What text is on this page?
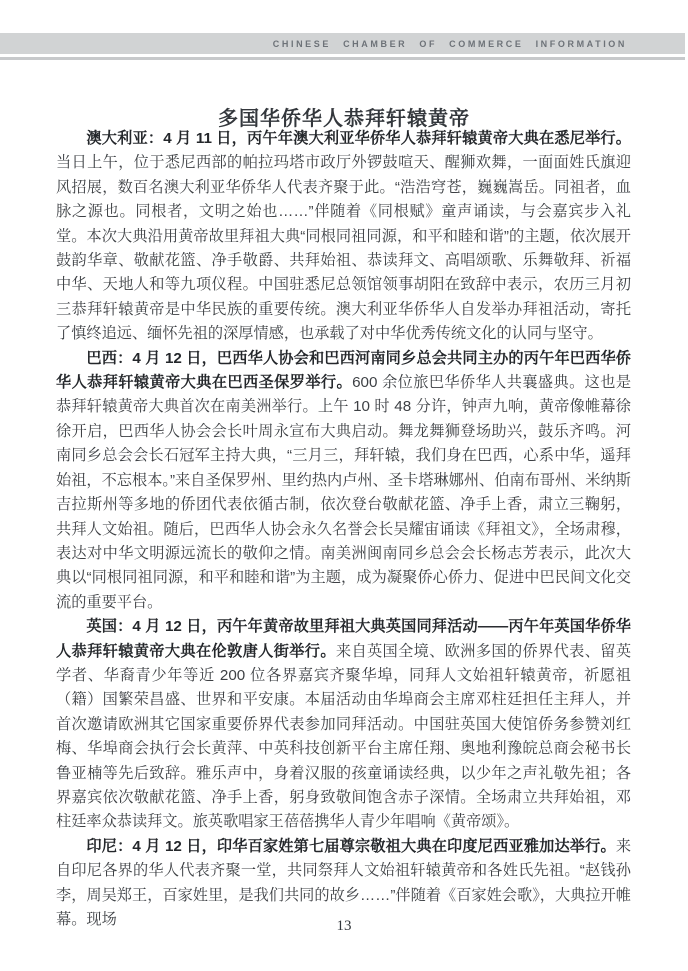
CHINESE CHAMBER OF COMMERCE INFORMATION
多国华侨华人恭拜轩辕黄帝

澳大利亚：4 月 11 日，丙午年澳大利亚华侨华人恭拜轩辕黄帝大典在悉尼举行。当日上午，位于悉尼西部的帕拉玛塔市政厅外锣鼓喧天、醒狮欢舞，一面面姓氏旗迎风招展，数百名澳大利亚华侨华人代表齐聚于此。“浩浩穹苍，巍巍嵩岳。同祖者，血脉之源也。同根者，文明之始也……”伴随着《同根赋》童声诵读，与会嘉宾步入礼堂。本次大典沿用黄帝故里拜祖大典“同根同祖同源，和平和睦和谐”的主题，依次展开鼓韵华章、敬献花篮、净手敬爵、共拜始祖、恭读拜文、高唱颂歌、乐舞敬拜、祈福中华、天地人和等九项仪程。中国驻悉尼总领馆领事胡阳在致辞中表示，农历三月初三恭拜轩辕黄帝是中华民族的重要传统。澳大利亚华侨华人自发举办拜祖活动，寄托了慎终追远、缅怀先祖的深厚情感，也承载了对中华优秀传统文化的认同与坚守。

巴西：4 月 12 日，巴西华人协会和巴西河南同乡总会共同主办的丙午年巴西华侨华人恭拜轩辕黄帝大典在巴西圣保罗举行。600 余位旅巴华侨华人共襄盛典。这也是恭拜轩辕黄帝大典首次在南美洲举行。上午 10 时 48 分许，钟声九响，黄帝像帷幕徐徐开启，巴西华人协会会长叶周永宣布大典启动。舞龙舞狮登场助兴，鼓乐齐鸣。河南同乡总会会长石冠军主持大典，“三月三，拜轩辕，我们身在巴西，心系中华，遥拜始祖，不忘根本。”来自圣保罗州、里约热内卢州、圣卡塔琳娜州、伯南布哥州、米纳斯吉拉斯州等多地的侨团代表依循古制，依次登台敬献花篮、净手上香，肃立三鞠躬，共拜人文始祖。随后，巴西华人协会永久名誉会长吴耀宙诵读《拜祖文》，全场肃穆，表达对中华文明源远流长的敬仰之情。南美洲闽南同乡总会会长杨志芳表示，此次大典以“同根同祖同源，和平和睦和谐”为主题，成为凝聚侨心侨力、促进中巴民间文化交流的重要平台。

英国：4 月 12 日，丙午年黄帝故里拜祖大典英国同拜活动——丙午年英国华侨华人恭拜轩辕黄帝大典在伦敦唐人街举行。来自英国全境、欧洲多国的侨界代表、留英学者、华裔青少年等近 200 位各界嘉宾齐聚华埠，同拜人文始祖轩辕黄帝，祈愿祖（籍）国繁荣昌盛、世界和平安康。本届活动由华埠商会主席邓柱廷担任主拜人，并首次邀请欧洲其它国家重要侨界代表参加同拜活动。中国驻英国大使馆侨务参赞刘红梅、华埠商会执行会长黄萍、中英科技创新平台主席任翔、奥地利豫皖总商会秘书长鲁亚楠等先后致辞。雅乐声中，身着汉服的孩童诵读经典，以少年之声礼敬先祖；各界嘉宾依次敬献花篮、净手上香，躬身致敬间饱含赤子深情。全场肃立共拜始祖，邓柱廷率众恭读拜文。旅英歌唱家王蓓蓓携华人青少年唱响《黄帝颂》。

印尼：4 月 12 日，印华百家姓第七届尊宗敬祖大典在印度尼西亚雅加达举行。来自印尼各界的华人代表齐聚一堂，共同祭拜人文始祖轩辕黄帝和各姓氏先祖。“赵钱孙李，周吴郑王，百家姓里，是我们共同的故乡……”伴随着《百家姓会歌》，大典拉开帷幕。现场	13
